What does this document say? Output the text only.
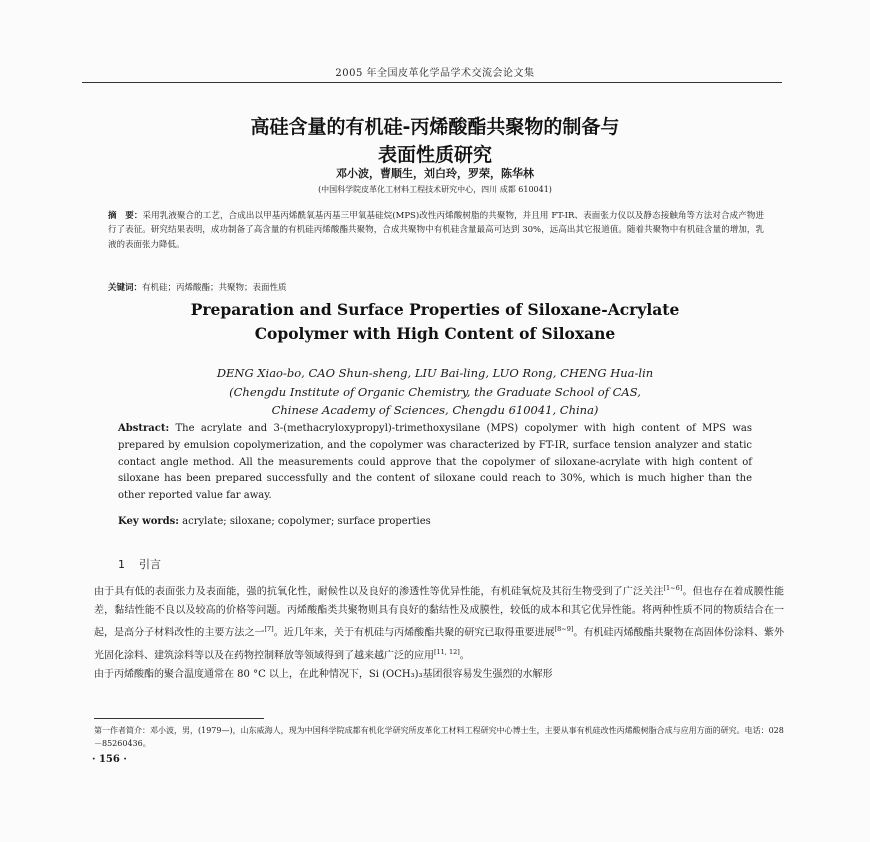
2005 年全国皮革化学品学术交流会论文集
高硅含量的有机硅-丙烯酸酯共聚物的制备与
表面性质研究
邓小波，曹顺生，刘白玲，罗荣，陈华林
(中国科学院皮革化工材料工程技术研究中心，四川 成都 610041)
摘　要：采用乳液聚合的工艺，合成出以甲基丙烯酰氧基丙基三甲氧基硅烷(MPS)改性丙烯酸树脂的共聚物，并且用 FT-IR、表面张力仪以及静态接触角等方法对合成产物进行了表征。研究结果表明，成功制备了高含量的有机硅丙烯酸酯共聚物，合成共聚物中有机硅含量最高可达到 30%，远高出其它报道值。随着共聚物中有机硅含量的增加，乳液的表面张力降低。
关键词：有机硅；丙烯酸酯；共聚物；表面性质
Preparation and Surface Properties of Siloxane-Acrylate
Copolymer with High Content of Siloxane
DENG Xiao-bo, CAO Shun-sheng, LIU Bai-ling, LUO Rong, CHENG Hua-lin
(Chengdu Institute of Organic Chemistry, the Graduate School of CAS,
Chinese Academy of Sciences, Chengdu 610041, China)
Abstract: The acrylate and 3-(methacryloxypropyl)-trimethoxysilane (MPS) copolymer with high content of MPS was prepared by emulsion copolymerization, and the copolymer was characterized by FT-IR, surface tension analyzer and static contact angle method. All the measurements could approve that the copolymer of siloxane-acrylate with high content of siloxane has been prepared successfully and the content of siloxane could reach to 30%, which is much higher than the other reported value far away.
Key words: acrylate; siloxane; copolymer; surface properties
1 引言

由于具有低的表面张力及表面能，强的抗氧化性，耐候性以及良好的渗透性等优异性能，有机硅氧烷及其衍生物受到了广泛关注[1~6]。但也存在着成膜性能差，黏结性能不良以及较高的价格等问题。丙烯酸酯类共聚物则具有良好的黏结性及成膜性，较低的成本和其它优异性能。将两种性质不同的物质结合在一起，是高分子材料改性的主要方法之一[7]。近几年来，关于有机硅与丙烯酸酯共聚的研究已取得重要进展[8~9]。有机硅丙烯酸酯共聚物在高固体份涂料、紫外光固化涂料、建筑涂料等以及在药物控制释放等领域得到了越来越广泛的应用[11, 12]。

由于丙烯酸酯的聚合温度通常在 80 °C 以上，在此种情况下，Si (OCH₃)₃基团很容易发生强烈的水解形

第一作者简介：邓小波，男，(1979—)，山东威海人，现为中国科学院成都有机化学研究所皮革化工材料工程研究中心博士生，主要从事有机硅改性丙烯酸树脂合成与应用方面的研究。电话：028－85260436。
· 156 ·
